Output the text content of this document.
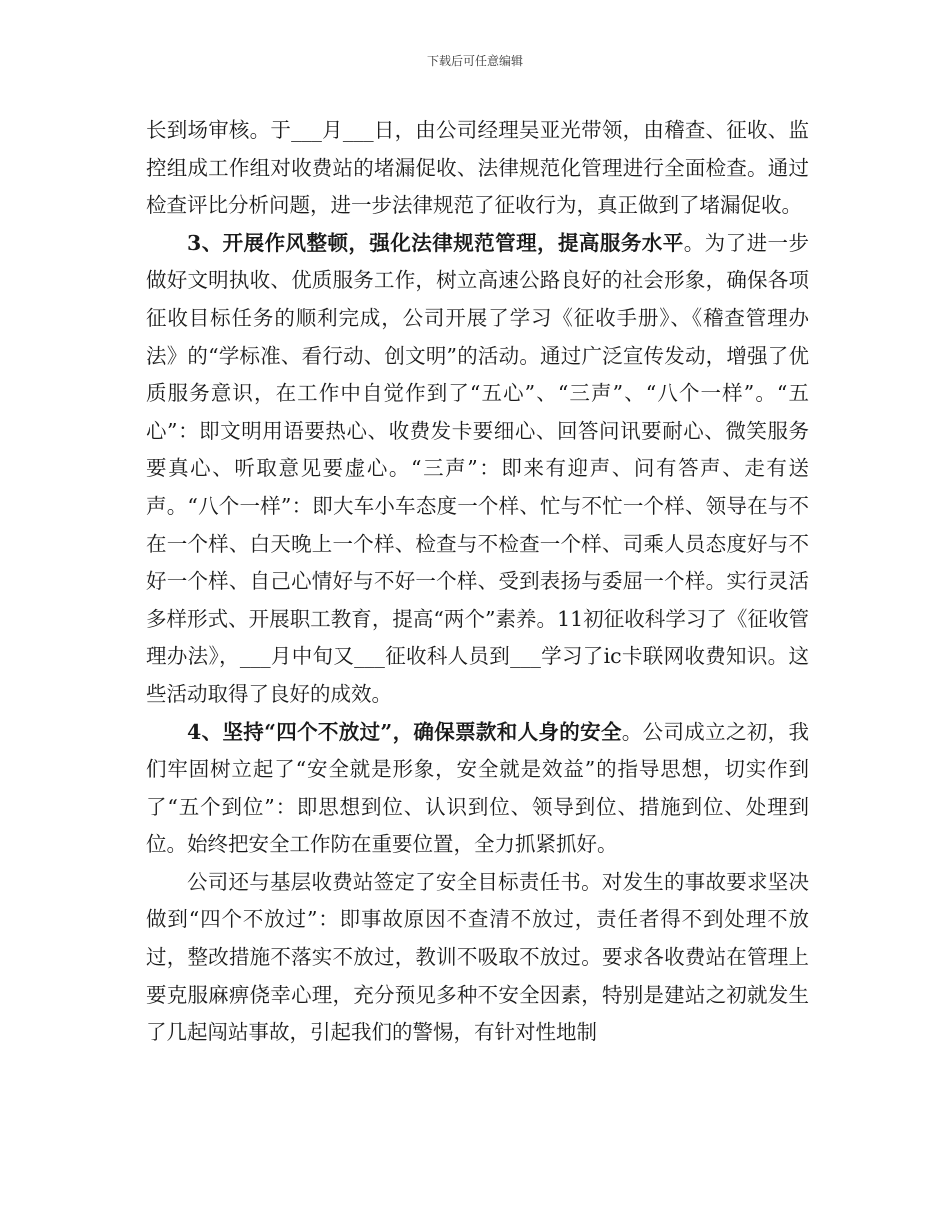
下载后可任意编辑

长到场审核。于___月___日，由公司经理吴亚光带领，由稽查、征收、监控组成工作组对收费站的堵漏促收、法律规范化管理进行全面检查。通过检查评比分析问题，进一步法律规范了征收行为，真正做到了堵漏促收。

3、开展作风整顿，强化法律规范管理，提高服务水平。为了进一步做好文明执收、优质服务工作，树立高速公路良好的社会形象，确保各项征收目标任务的顺利完成，公司开展了学习《征收手册》、《稽查管理办法》的“学标准、看行动、创文明”的活动。通过广泛宣传发动，增强了优质服务意识，在工作中自觉作到了“五心”、“三声”、“八个一样”。“五心”：即文明用语要热心、收费发卡要细心、回答问讯要耐心、微笑服务要真心、听取意见要虚心。“三声”：即来有迎声、问有答声、走有送声。“八个一样”：即大车小车态度一个样、忙与不忙一个样、领导在与不在一个样、白天晚上一个样、检查与不检查一个样、司乘人员态度好与不好一个样、自己心情好与不好一个样、受到表扬与委屈一个样。实行灵活多样形式、开展职工教育，提高“两个”素养。11初征收科学习了《征收管理办法》，___月中旬又___征收科人员到___学习了ic卡联网收费知识。这些活动取得了良好的成效。

4、坚持“四个不放过”，确保票款和人身的安全。公司成立之初，我们牢固树立起了“安全就是形象，安全就是效益”的指导思想，切实作到了“五个到位”：即思想到位、认识到位、领导到位、措施到位、处理到位。始终把安全工作防在重要位置，全力抓紧抓好。

公司还与基层收费站签定了安全目标责任书。对发生的事故要求坚决做到“四个不放过”：即事故原因不查清不放过，责任者得不到处理不放过，整改措施不落实不放过，教训不吸取不放过。要求各收费站在管理上要克服麻痹侥幸心理，充分预见多种不安全因素，特别是建站之初就发生了几起闯站事故，引起我们的警惕，有针对性地制
